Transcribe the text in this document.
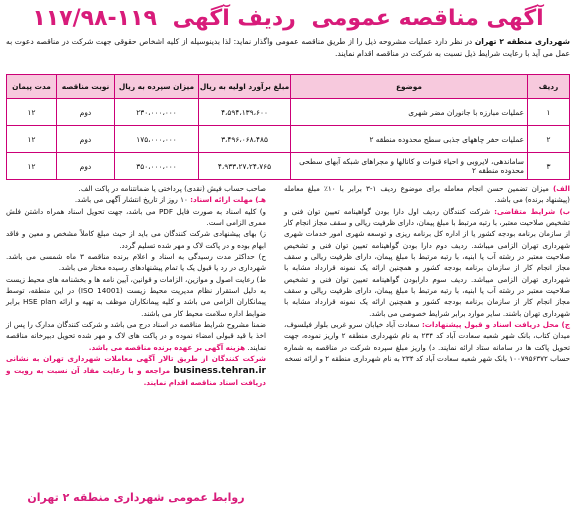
آگهی مناقصه عمومی ردیف آگهی ۱۱۹-۱۱۷/۹۸
شهرداری منطقه ۲ تهران در نظر دارد عملیات مشروحه ذیل را از طریق مناقصه عمومی واگذار نماید: لذا بدینوسیله از کلیه اشخاص حقوقی جهت شرکت در مناقصه دعوت به عمل می آید با رعایت شرایط ذیل نسبت به شرکت در مناقصه اقدام نمایند.
ردیف	موضوع	مبلغ برآورد اولیه به ریال	میزان سپرده به ریال	نوبت مناقصه	مدت پیمان
۱	عملیات مبارزه با جانوران مضر شهری	۴،۵۹۴،۱۳۹،۶۰۰	۲۳۰،۰۰۰،۰۰۰	دوم	۱۲
۲	عملیات حفر چاههای جذبی سطح محدوده منطقه ۲	۳،۴۹۶،۰۶۸،۴۸۵	۱۷۵،۰۰۰،۰۰۰	دوم	۱۲
۳	ساماندهی، لایروبی و احیاء قنوات و کانالها و مجراهای شبکه آبهای سطحی محدوده منطقه ۲	۴،۹۳۳،۲۷،۲۴،۷۶۵	۳۵۰،۰۰۰،۰۰۰	دوم	۱۲

الف) میزان تضمین حسن انجام معامله برای موضوع ردیف ۱-۳ برابر با ۱۰٪ مبلغ معامله (پیشنهاد برنده) می باشد.

ب) شرایط متقاضی: شرکت کنندگان ردیف اول دارا بودن گواهینامه تعیین توان فنی و تشخیص صلاحیت معتبر، با رتبه مرتبط با مبلغ پیمان، دارای ظرفیت ریالی و سقف مجاز انجام کار از سازمان برنامه بودجه کشور یا از اداره کل برنامه ریزی و توسعه شهری امور خدمات شهری شهرداری تهران الزامی میباشد. ردیف دوم دارا بودن گواهینامه تعیین توان فنی و تشخیص صلاحیت معتبر در رشته آب یا ابنیه، با رتبه مرتبط با مبلغ پیمان، دارای ظرفیت ریالی و سقف مجاز انجام کار از سازمان برنامه بودجه کشور و همچنین ارائه یک نمونه قرارداد مشابه با شهرداری تهران الزامی میباشد. ردیف سوم دارابودن گواهینامه تعیین توان فنی و تشخیص صلاحیت معتبر در رشته آب یا ابنیه، با رتبه مرتبط با مبلغ پیمان، دارای ظرفیت ریالی و سقف مجاز انجام کار از سازمان برنامه بودجه کشور و همچنین ارائه یک نمونه قرارداد مشابه با شهرداری تهران باشند. سایر موارد برابر شرایط خصوصی می باشد.

ج) محل دریافت اسناد و قبول پیشنهادات: سعادت آباد خیابان سرو غربی بلوار فیلسوف، میدان کتاب، بانک شهر شعبه سعادت آباد کد ۲۳۴ به نام شهرداری منطقه ۲ واریز نموده، جهت تحویل پاکت ها در سامانه ستاد ارائه نمایند. د) واریز مبلغ سپرده شرکت در مناقصه به شماره حساب ۱۰۰۷۹۵۶۳۷۲ بانک شهر شعبه سعادت آباد کد ۲۳۴ به نام شهرداری منطقه ۲ و ارائه نسخه

صاحب حساب فیش (نقدی) پرداختی یا ضمانتنامه در پاکت الف.

هـ) مهلت ارائه اسناد: ۱۰ روز از تاریخ انتشار آگهی می باشد.

و) کلیه اسناد به صورت فایل PDF می باشد، جهت تحویل اسناد همراه داشتن فلش ممری الزامی است.

ز) بهای پیشنهادی شرکت کنندگان می باید از حیث مبلغ کاملاً مشخص و معین و فاقد ابهام بوده و در پاکت لاک و مهر شده تسلیم گردد.

ح) حداکثر مدت رسیدگی به اسناد و اعلام برنده مناقصه ۳ ماه شمسی می باشد. شهرداری در رد یا قبول یک یا تمام پیشنهادهای رسیده مختار می باشد.

ط) رعایت اصول و موازین، الزامات و قوانین، آیین نامه ها و بخشنامه های محیط زیست به دلیل استقرار نظام مدیریت محیط زیست (ISO 14001) در این منطقه، توسط پیمانکاران الزامی می باشد و کلیه پیمانکاران موظف به تهیه و ارائه HSE plan برابر ضوابط اداره سلامت محیط کار می باشند.

ضمنا مشروح شرایط مناقصه در اسناد درج می باشد و شرکت کنندگان مدارک را پس از اخذ با قید قبولی امضاء نموده و در پاکت های لاک و مهر شده تحویل دبیرخانه مناقصه نمایند. هزینه آگهی بر عهده برنده مناقصه می باشد.

شرکت کنندگان از طریق تالار آگهی معاملات شهرداری تهران به نشانی business.tehran.ir مراجعه و با رعایت مفاد آن نسبت به رویت و دریافت اسناد مناقصه اقدام نمایند.

روابط عمومی شهرداری منطقه ۲ تهران
